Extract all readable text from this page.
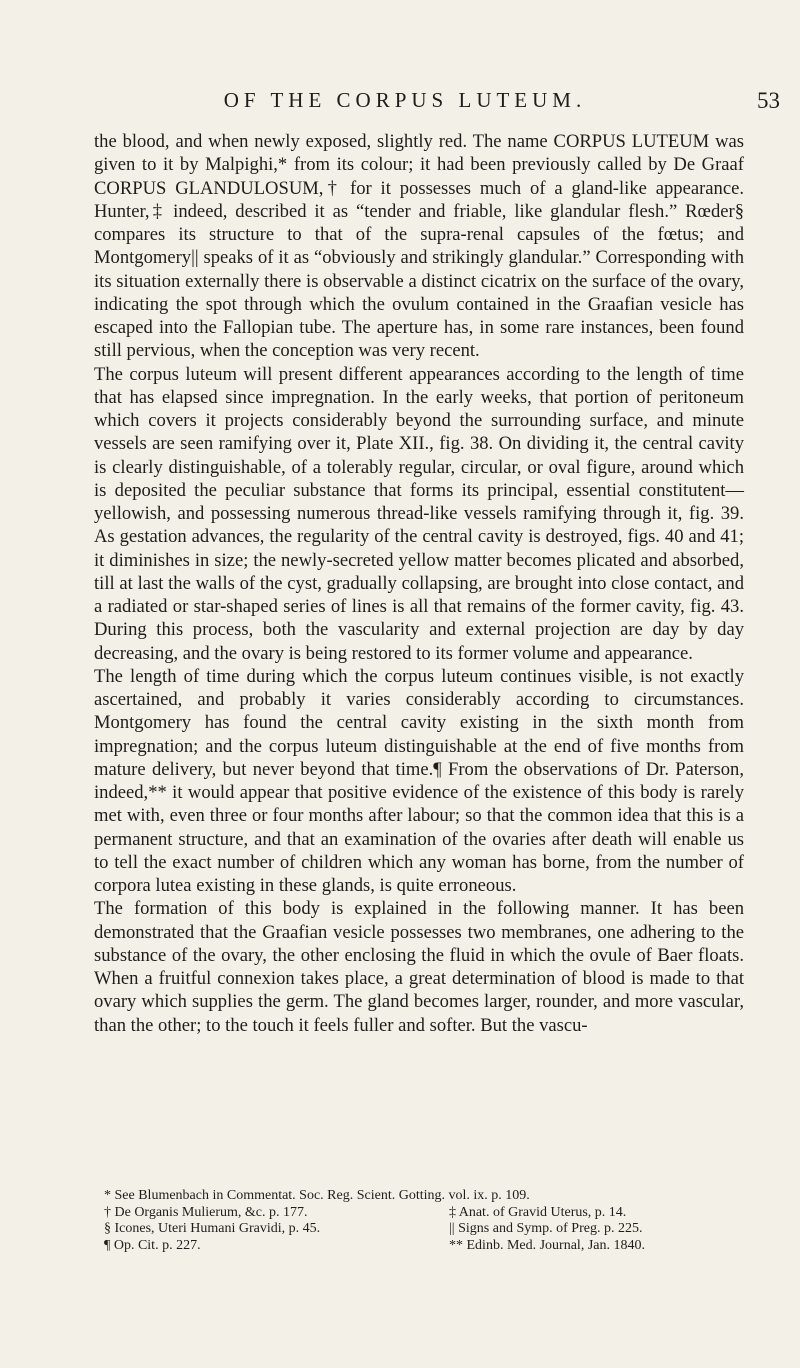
OF THE CORPUS LUTEUM.	53

the blood, and when newly exposed, slightly red. The name CORPUS LUTEUM was given to it by Malpighi,* from its colour; it had been previously called by De Graaf CORPUS GLANDULOSUM,† for it possesses much of a gland-like appearance. Hunter,‡ indeed, described it as “tender and friable, like glandular flesh.” Rœder§ compares its structure to that of the supra-renal capsules of the fœtus; and Montgomery|| speaks of it as “obviously and strikingly glandular.” Corresponding with its situation externally there is observable a distinct cicatrix on the surface of the ovary, indicating the spot through which the ovulum contained in the Graafian vesicle has escaped into the Fallopian tube. The aperture has, in some rare instances, been found still pervious, when the conception was very recent.

The corpus luteum will present different appearances according to the length of time that has elapsed since impregnation. In the early weeks, that portion of peritoneum which covers it projects considerably beyond the surrounding surface, and minute vessels are seen ramifying over it, Plate XII., fig. 38. On dividing it, the central cavity is clearly distinguishable, of a tolerably regular, circular, or oval figure, around which is deposited the peculiar substance that forms its principal, essential constitutent—yellowish, and possessing numerous thread-like vessels ramifying through it, fig. 39. As gestation advances, the regularity of the central cavity is destroyed, figs. 40 and 41; it diminishes in size; the newly-secreted yellow matter becomes plicated and absorbed, till at last the walls of the cyst, gradually collapsing, are brought into close contact, and a radiated or star-shaped series of lines is all that remains of the former cavity, fig. 43. During this process, both the vascularity and external projection are day by day decreasing, and the ovary is being restored to its former volume and appearance.

The length of time during which the corpus luteum continues visible, is not exactly ascertained, and probably it varies considerably according to circumstances. Montgomery has found the central cavity existing in the sixth month from impregnation; and the corpus luteum distinguishable at the end of five months from mature delivery, but never beyond that time.¶ From the observations of Dr. Paterson, indeed,** it would appear that positive evidence of the existence of this body is rarely met with, even three or four months after labour; so that the common idea that this is a permanent structure, and that an examination of the ovaries after death will enable us to tell the exact number of children which any woman has borne, from the number of corpora lutea existing in these glands, is quite erroneous.

The formation of this body is explained in the following manner. It has been demonstrated that the Graafian vesicle possesses two membranes, one adhering to the substance of the ovary, the other enclosing the fluid in which the ovule of Baer floats. When a fruitful connexion takes place, a great determination of blood is made to that ovary which supplies the germ. The gland becomes larger, rounder, and more vascular, than the other; to the touch it feels fuller and softer. But the vascu-

* See Blumenbach in Commentat. Soc. Reg. Scient. Gotting. vol. ix. p. 109.
† De Organis Mulierum, &c. p. 177.	‡ Anat. of Gravid Uterus, p. 14.
§ Icones, Uteri Humani Gravidi, p. 45.	|| Signs and Symp. of Preg. p. 225.
¶ Op. Cit. p. 227.	** Edinb. Med. Journal, Jan. 1840.
